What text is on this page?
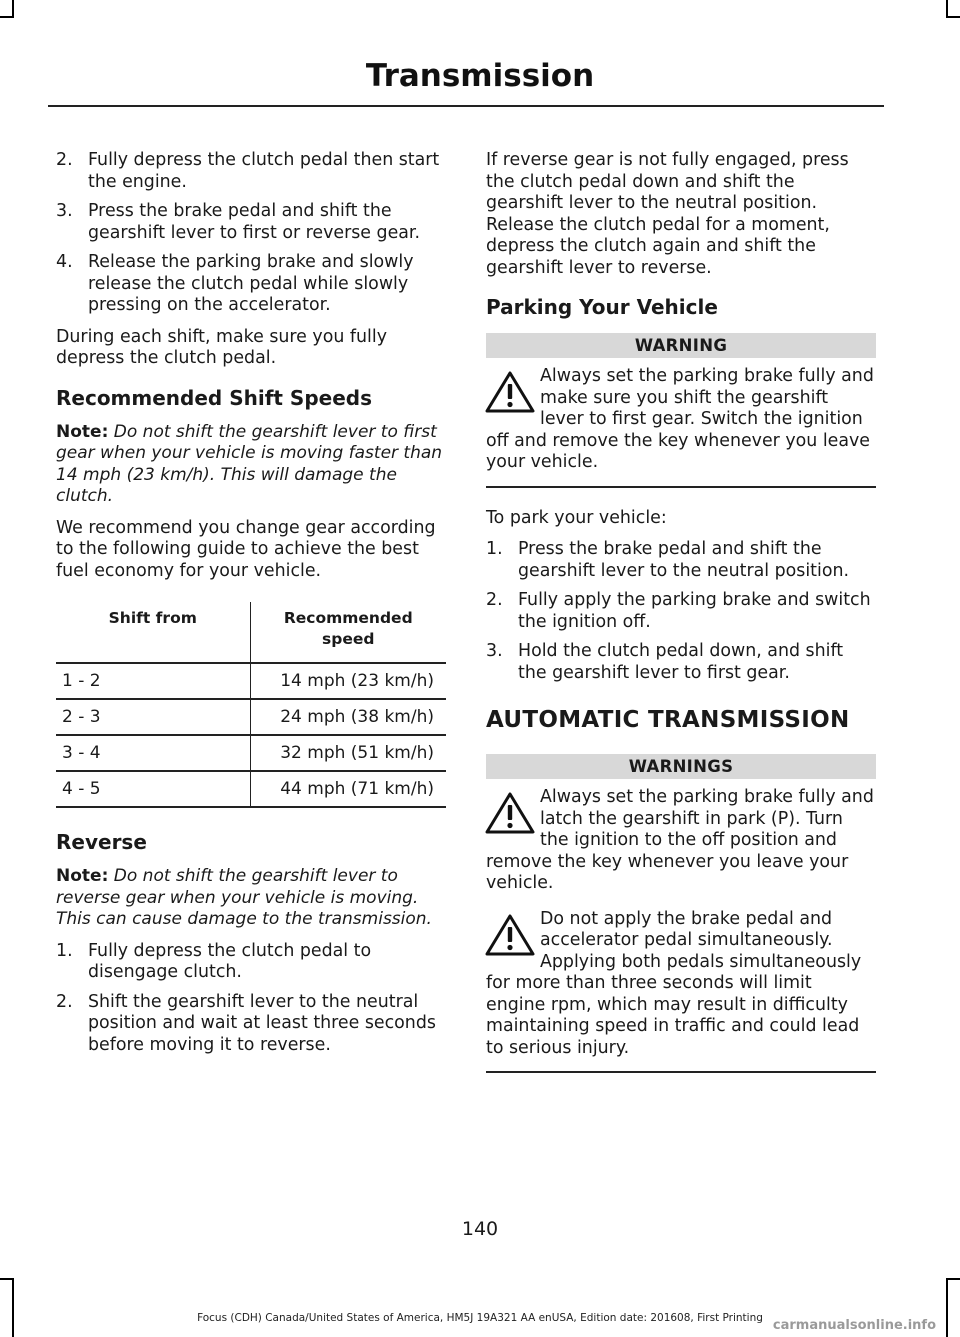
Transmission
2. Fully depress the clutch pedal then start the engine.
3. Press the brake pedal and shift the gearshift lever to first or reverse gear.
4. Release the parking brake and slowly release the clutch pedal while slowly pressing on the accelerator.

During each shift, make sure you fully depress the clutch pedal.

Recommended Shift Speeds
Note: Do not shift the gearshift lever to first gear when your vehicle is moving faster than 14 mph (23 km/h). This will damage the clutch.

We recommend you change gear according to the following guide to achieve the best fuel economy for your vehicle.

Shift from	Recommended speed
1 - 2	14 mph (23 km/h)
2 - 3	24 mph (38 km/h)
3 - 4	32 mph (51 km/h)
4 - 5	44 mph (71 km/h)
Reverse
Note: Do not shift the gearshift lever to reverse gear when your vehicle is moving. This can cause damage to the transmission.
1. Fully depress the clutch pedal to disengage clutch.
2. Shift the gearshift lever to the neutral position and wait at least three seconds before moving it to reverse.

If reverse gear is not fully engaged, press the clutch pedal down and shift the gearshift lever to the neutral position. Release the clutch pedal for a moment, depress the clutch again and shift the gearshift lever to reverse.

Parking Your Vehicle
WARNING
Always set the parking brake fully and make sure you shift the gearshift lever to first gear. Switch the ignition off and remove the key whenever you leave your vehicle.

To park your vehicle:

1. Press the brake pedal and shift the gearshift lever to the neutral position.
2. Fully apply the parking brake and switch the ignition off.
3. Hold the clutch pedal down, and shift the gearshift lever to first gear.
AUTOMATIC TRANSMISSION
WARNINGS
Always set the parking brake fully and latch the gearshift in park (P). Turn the ignition to the off position and remove the key whenever you leave your vehicle.
Do not apply the brake pedal and accelerator pedal simultaneously. Applying both pedals simultaneously for more than three seconds will limit engine rpm, which may result in difficulty maintaining speed in traffic and could lead to serious injury.
140
Focus (CDH) Canada/United States of America, HM5J 19A321 AA enUSA, Edition date: 201608, First Printing carmanualsonline.info
